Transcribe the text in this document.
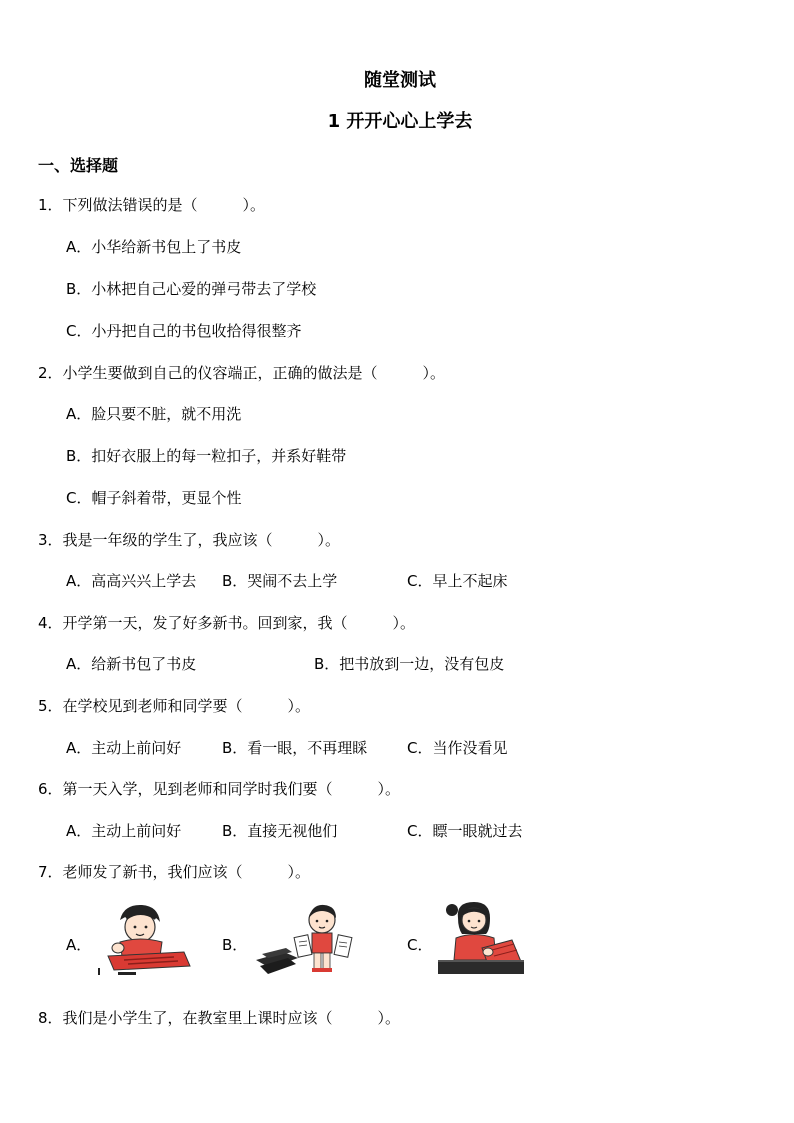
随堂测试
1 开开心心上学去
一、选择题
1．下列做法错误的是（　　　）。
A．小华给新书包上了书皮
B．小林把自己心爱的弹弓带去了学校
C．小丹把自己的书包收拾得很整齐
2．小学生要做到自己的仪容端正，正确的做法是（　　　）。
A．脸只要不脏，就不用洗
B．扣好衣服上的每一粒扣子，并系好鞋带
C．帽子斜着带，更显个性
3．我是一年级的学生了，我应该（　　　）。
A．高高兴兴上学去 B．哭闹不去上学	C．早上不起床
4．开学第一天，发了好多新书。回到家，我（　　　）。
A．给新书包了书皮	B．把书放到一边，没有包皮
5．在学校见到老师和同学要（　　　）。
A．主动上前问好	B．看一眼，不再理睬	C．当作没看见
6．第一天入学，见到老师和同学时我们要（　　　）。
A．主动上前问好	B．直接无视他们	C．瞟一眼就过去
7．老师发了新书，我们应该（　　　）。
A．	B．	C．
8．我们是小学生了，在教室里上课时应该（　　　）。
